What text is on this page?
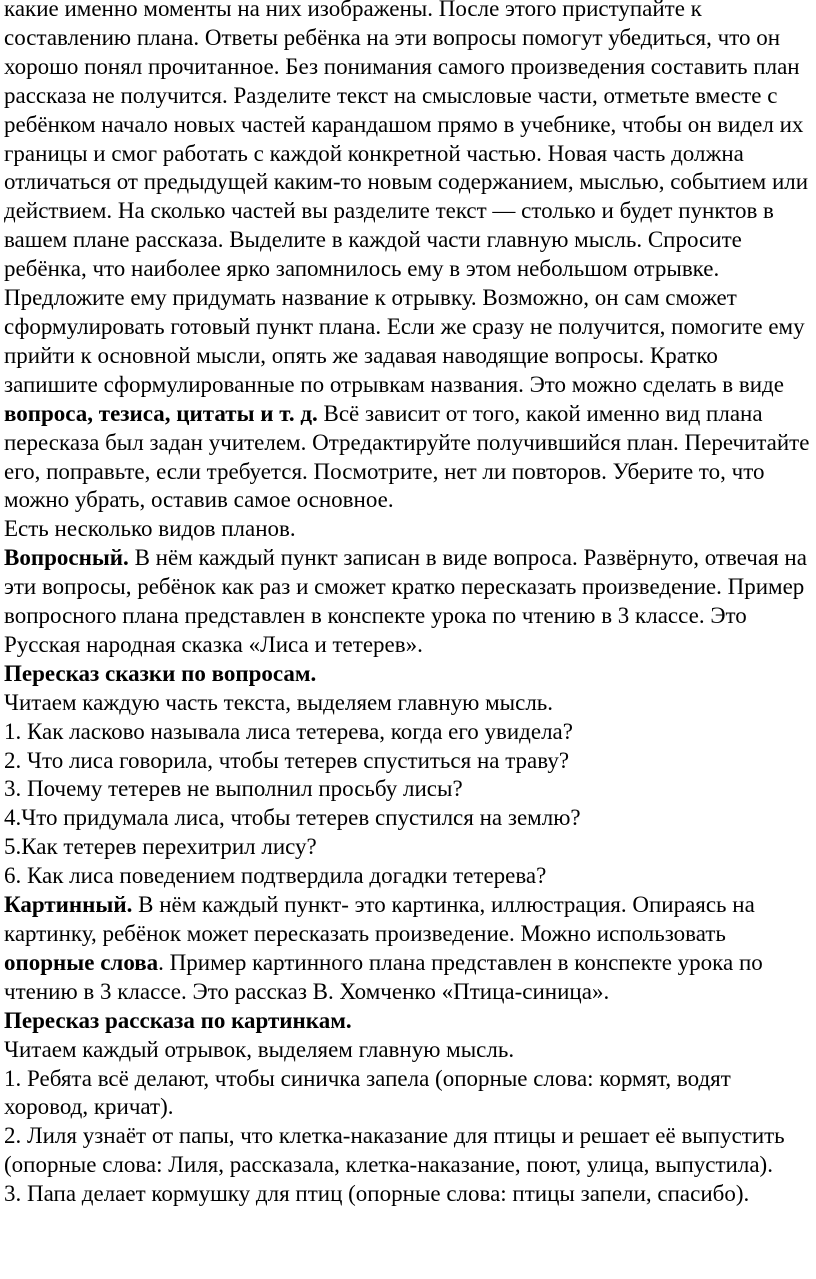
какие именно моменты на них изображены. После этого приступайте к составлению плана. Ответы ребёнка на эти вопросы помогут убедиться, что он хорошо понял прочитанное. Без понимания самого произведения составить план рассказа не получится. Разделите текст на смысловые части, отметьте вместе с ребёнком начало новых частей карандашом прямо в учебнике, чтобы он видел их границы и смог работать с каждой конкретной частью. Новая часть должна отличаться от предыдущей каким-то новым содержанием, мыслью, событием или действием. На сколько частей вы разделите текст — столько и будет пунктов в вашем плане рассказа. Выделите в каждой части главную мысль. Спросите ребёнка, что наиболее ярко запомнилось ему в этом небольшом отрывке. Предложите ему придумать название к отрывку. Возможно, он сам сможет сформулировать готовый пункт плана. Если же сразу не получится, помогите ему прийти к основной мысли, опять же задавая наводящие вопросы. Кратко запишите сформулированные по отрывкам названия. Это можно сделать в виде вопроса, тезиса, цитаты и т. д. Всё зависит от того, какой именно вид плана пересказа был задан учителем. Отредактируйте получившийся план. Перечитайте его, поправьте, если требуется. Посмотрите, нет ли повторов. Уберите то, что можно убрать, оставив самое основное.

Есть несколько видов планов.

Вопросный. В нём каждый пункт записан в виде вопроса. Развёрнуто, отвечая на эти вопросы, ребёнок как раз и сможет кратко пересказать произведение. Пример вопросного плана представлен в конспекте урока по чтению в 3 классе. Это Русская народная сказка «Лиса и тетерев».

Пересказ сказки по вопросам.

Читаем каждую часть текста, выделяем главную мысль.

1. Как ласково называла лиса тетерева, когда его увидела?

2. Что лиса говорила, чтобы тетерев спуститься на траву?

3. Почему тетерев не выполнил просьбу лисы?

4.Что придумала лиса, чтобы тетерев спустился на землю?

5.Как тетерев перехитрил лису?

6. Как лиса поведением подтвердила догадки тетерева?

Картинный. В нём каждый пункт- это картинка, иллюстрация. Опираясь на картинку, ребёнок может пересказать произведение. Можно использовать опорные слова. Пример картинного плана представлен в конспекте урока по чтению в 3 классе. Это рассказ В. Хомченко «Птица-синица».

Пересказ рассказа по картинкам.

Читаем каждый отрывок, выделяем главную мысль.

1. Ребята всё делают, чтобы синичка запела (опорные слова: кормят, водят хоровод, кричат).

2. Лиля узнаёт от папы, что клетка-наказание для птицы и решает её выпустить (опорные слова: Лиля, рассказала, клетка-наказание, поют, улица, выпустила).

3. Папа делает кормушку для птиц (опорные слова: птицы запели, спасибо).
